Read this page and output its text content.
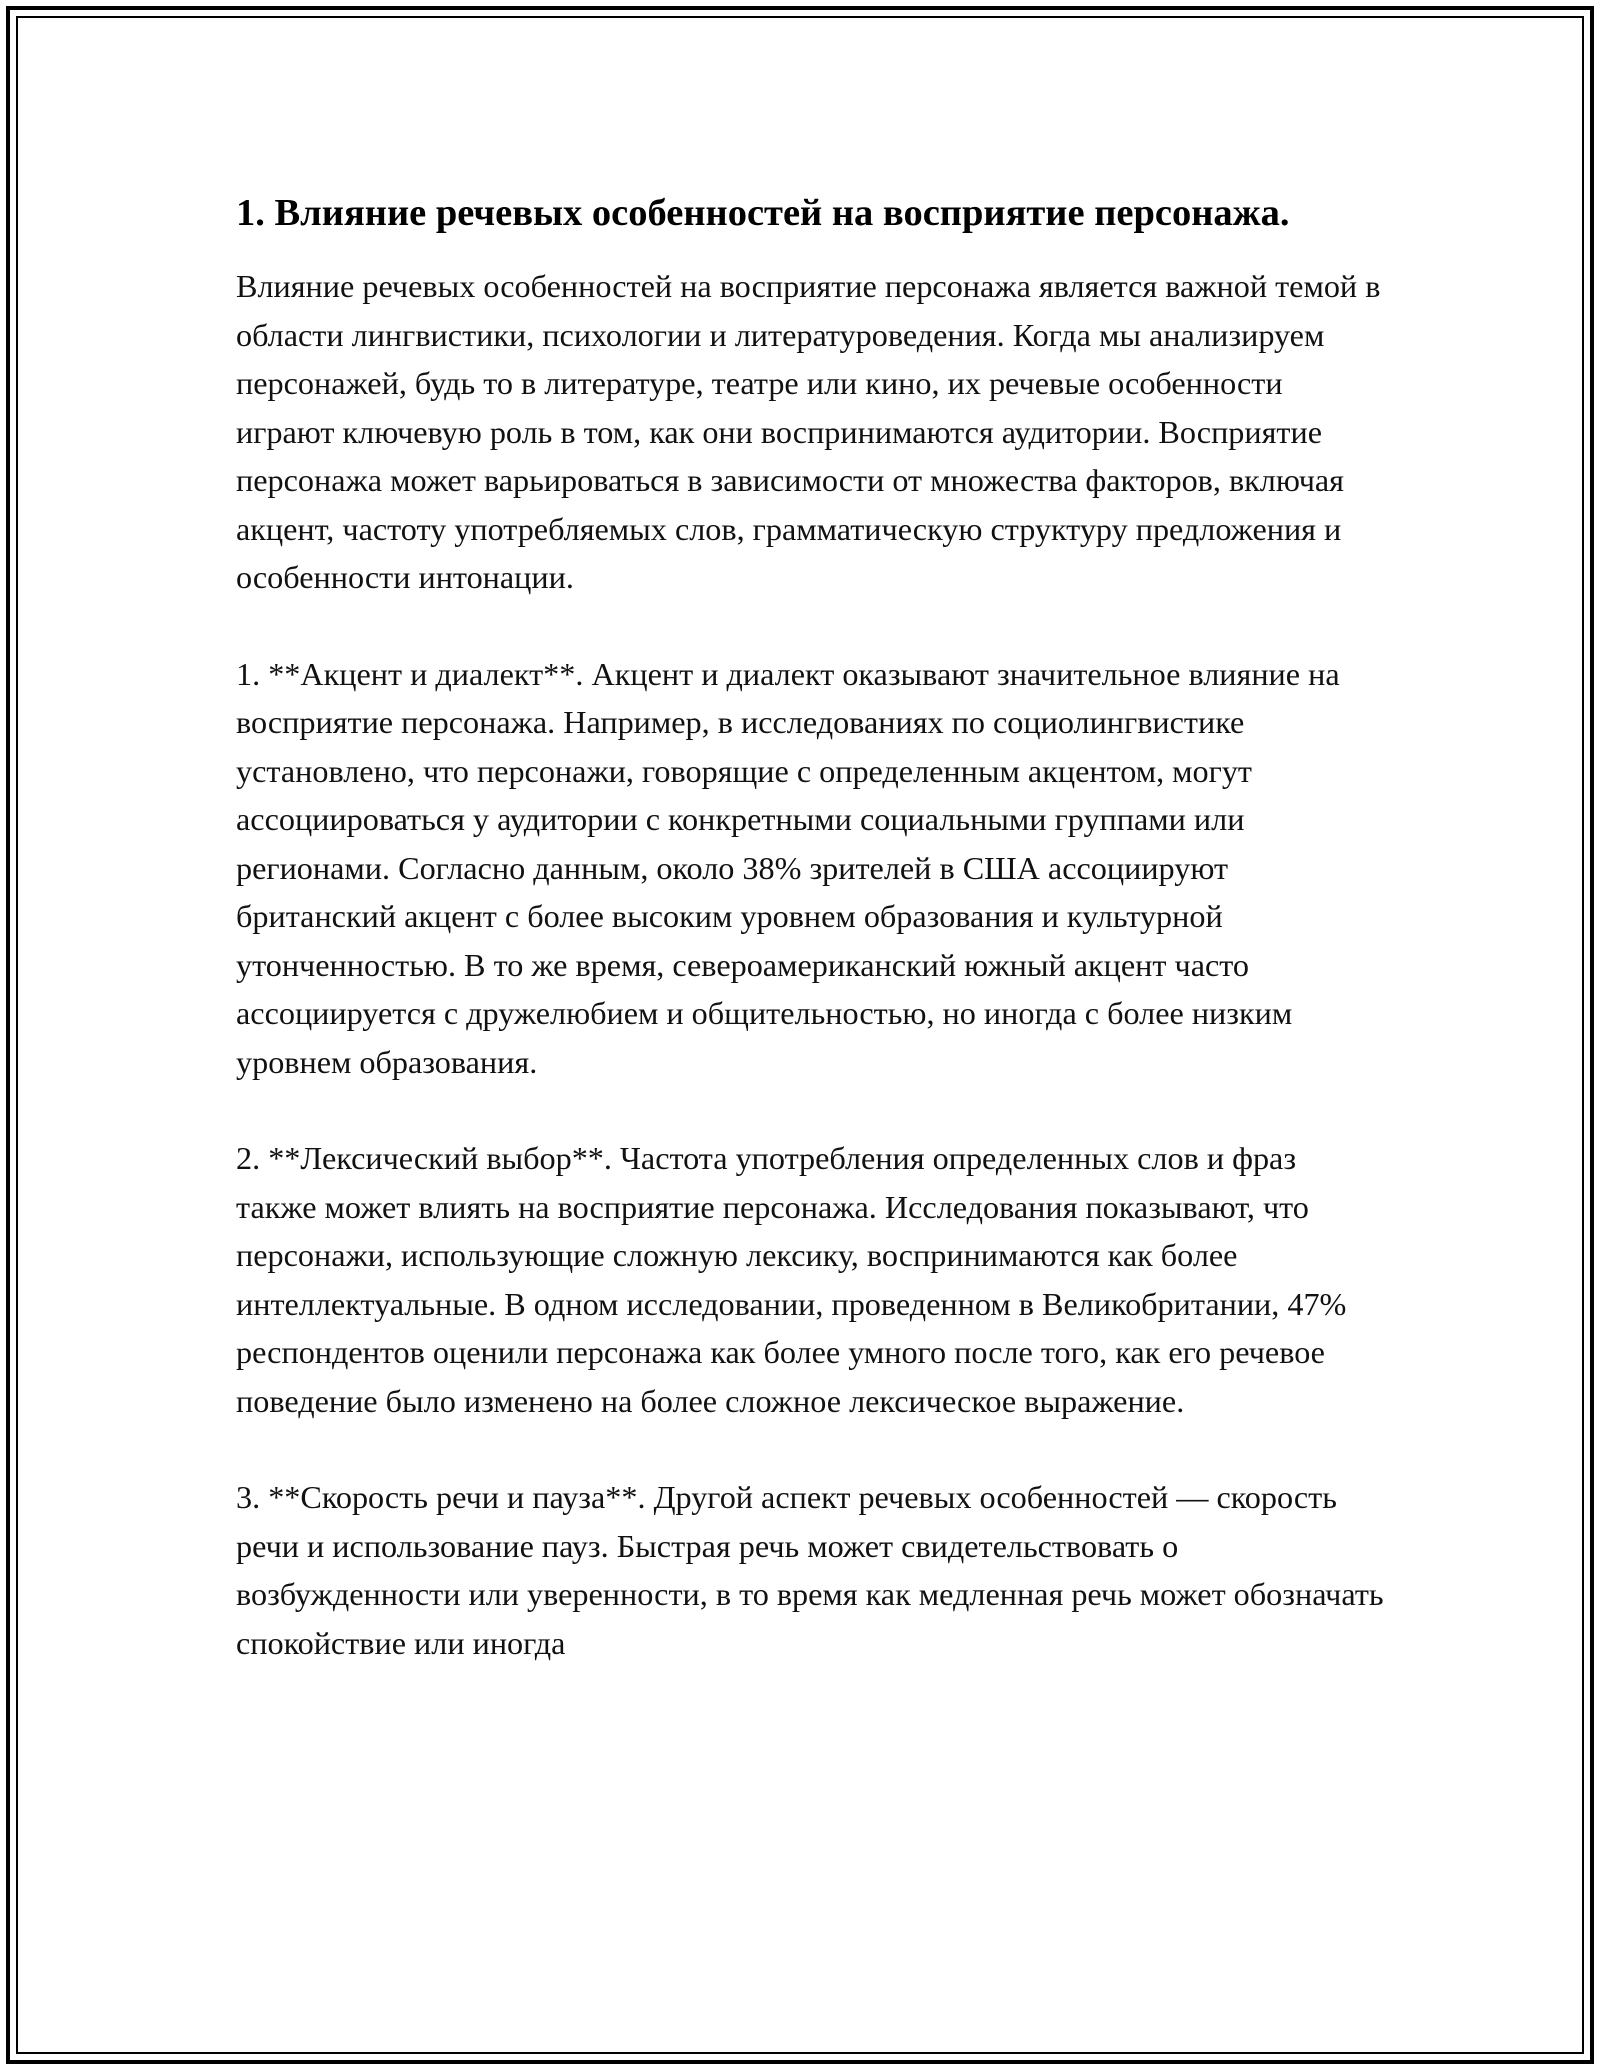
1. Влияние речевых особенностей на восприятие персонажа.

Влияние речевых особенностей на восприятие персонажа является важной темой в области лингвистики, психологии и литературоведения. Когда мы анализируем персонажей, будь то в литературе, театре или кино, их речевые особенности играют ключевую роль в том, как они воспринимаются аудитории. Восприятие персонажа может варьироваться в зависимости от множества факторов, включая акцент, частоту употребляемых слов, грамматическую структуру предложения и особенности интонации.

1. **Акцент и диалект**. Акцент и диалект оказывают значительное влияние на восприятие персонажа. Например, в исследованиях по социолингвистике установлено, что персонажи, говорящие с определенным акцентом, могут ассоциироваться у аудитории с конкретными социальными группами или регионами. Согласно данным, около 38% зрителей в США ассоциируют британский акцент с более высоким уровнем образования и культурной утонченностью. В то же время, североамериканский южный акцент часто ассоциируется с дружелюбием и общительностью, но иногда с более низким уровнем образования.

2. **Лексический выбор**. Частота употребления определенных слов и фраз также может влиять на восприятие персонажа. Исследования показывают, что персонажи, использующие сложную лексику, воспринимаются как более интеллектуальные. В одном исследовании, проведенном в Великобритании, 47% респондентов оценили персонажа как более умного после того, как его речевое поведение было изменено на более сложное лексическое выражение.

3. **Скорость речи и пауза**. Другой аспект речевых особенностей — скорость речи и использование пауз. Быстрая речь может свидетельствовать о возбужденности или уверенности, в то время как медленная речь может обозначать спокойствие или иногда
